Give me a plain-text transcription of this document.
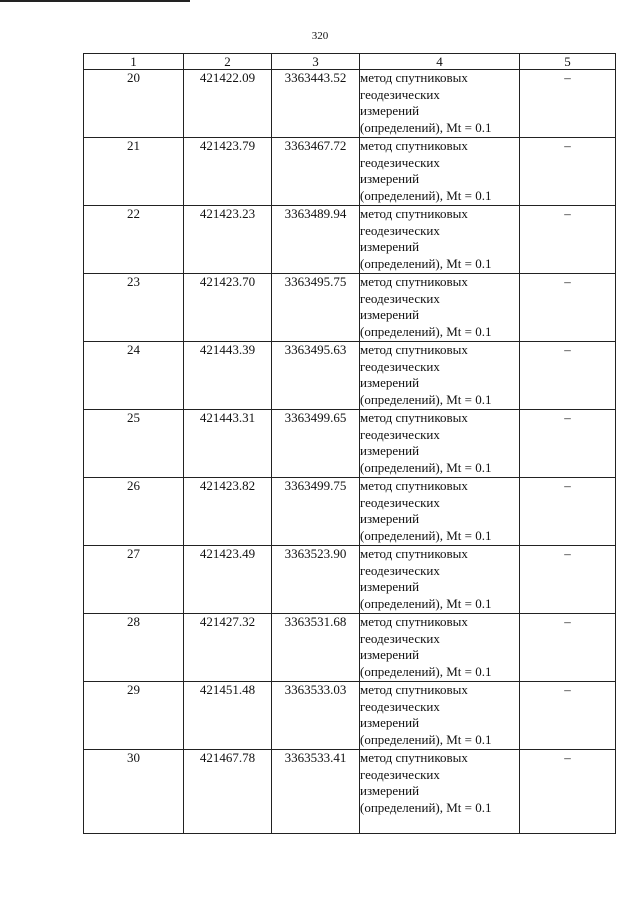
320
1	2	3	4	5
20	421422.09	3363443.52	метод спутниковых
геодезических
измерений
(определений), Mt = 0.1	–
21	421423.79	3363467.72	метод спутниковых
геодезических
измерений
(определений), Mt = 0.1	–
22	421423.23	3363489.94	метод спутниковых
геодезических
измерений
(определений), Mt = 0.1	–
23	421423.70	3363495.75	метод спутниковых
геодезических
измерений
(определений), Mt = 0.1	–
24	421443.39	3363495.63	метод спутниковых
геодезических
измерений
(определений), Mt = 0.1	–
25	421443.31	3363499.65	метод спутниковых
геодезических
измерений
(определений), Mt = 0.1	–
26	421423.82	3363499.75	метод спутниковых
геодезических
измерений
(определений), Mt = 0.1	–
27	421423.49	3363523.90	метод спутниковых
геодезических
измерений
(определений), Mt = 0.1	–
28	421427.32	3363531.68	метод спутниковых
геодезических
измерений
(определений), Mt = 0.1	–
29	421451.48	3363533.03	метод спутниковых
геодезических
измерений
(определений), Mt = 0.1	–
30	421467.78	3363533.41	метод спутниковых
геодезических
измерений
(определений), Mt = 0.1	–
